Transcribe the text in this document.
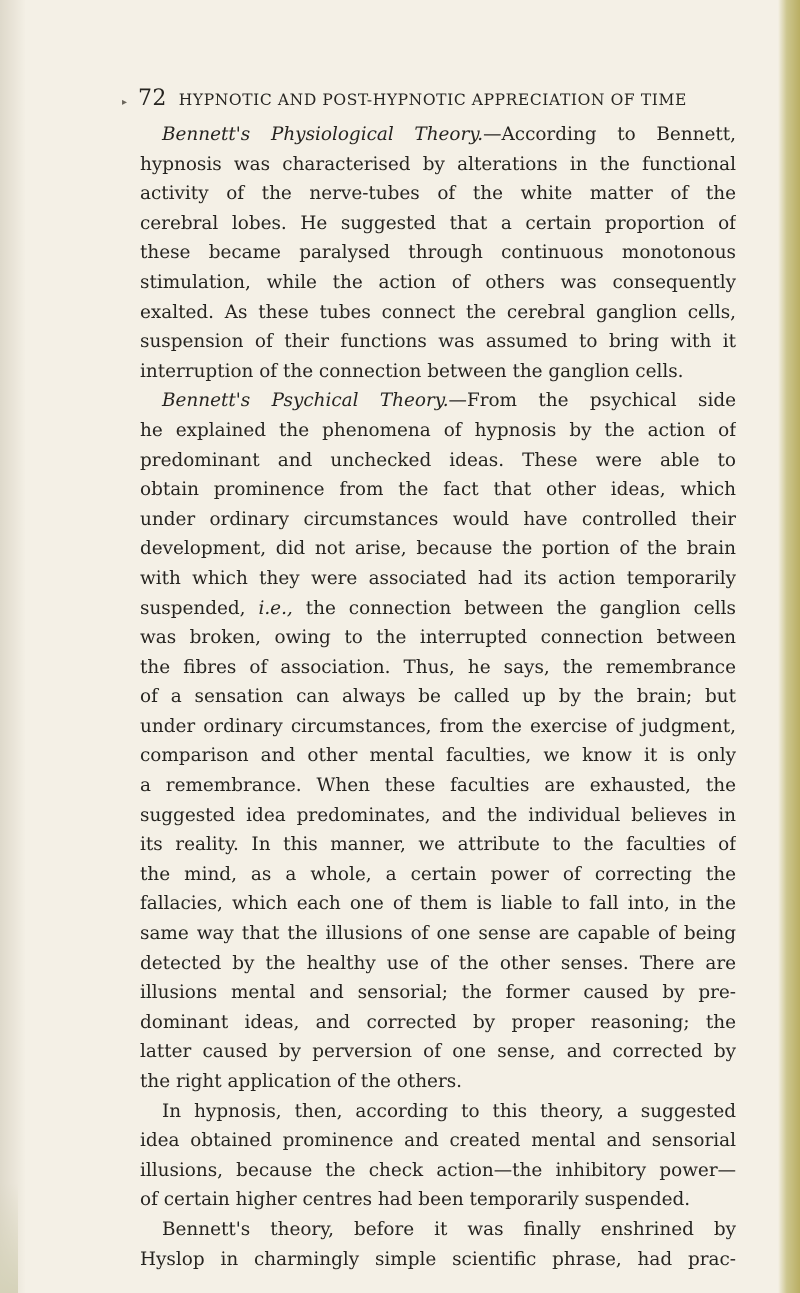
▸ 72 HYPNOTIC AND POST-HYPNOTIC APPRECIATION OF TIME
Bennett's Physiological Theory.—According to Bennett,
hypnosis was characterised by alterations in the functional
activity of the nerve-tubes of the white matter of the
cerebral lobes. He suggested that a certain proportion of
these became paralysed through continuous monotonous
stimulation, while the action of others was consequently
exalted. As these tubes connect the cerebral ganglion cells,
suspension of their functions was assumed to bring with it
interruption of the connection between the ganglion cells.
Bennett's Psychical Theory.—From the psychical side
he explained the phenomena of hypnosis by the action of
predominant and unchecked ideas. These were able to
obtain prominence from the fact that other ideas, which
under ordinary circumstances would have controlled their
development, did not arise, because the portion of the brain
with which they were associated had its action temporarily
suspended, i.e., the connection between the ganglion cells
was broken, owing to the interrupted connection between
the fibres of association. Thus, he says, the remembrance
of a sensation can always be called up by the brain; but
under ordinary circumstances, from the exercise of judgment,
comparison and other mental faculties, we know it is only
a remembrance. When these faculties are exhausted, the
suggested idea predominates, and the individual believes in
its reality. In this manner, we attribute to the faculties of
the mind, as a whole, a certain power of correcting the
fallacies, which each one of them is liable to fall into, in the
same way that the illusions of one sense are capable of being
detected by the healthy use of the other senses. There are
illusions mental and sensorial; the former caused by pre-
dominant ideas, and corrected by proper reasoning; the
latter caused by perversion of one sense, and corrected by
the right application of the others.
In hypnosis, then, according to this theory, a suggested
idea obtained prominence and created mental and sensorial
illusions, because the check action—the inhibitory power—
of certain higher centres had been temporarily suspended.
Bennett's theory, before it was finally enshrined by
Hyslop in charmingly simple scientific phrase, had prac-
